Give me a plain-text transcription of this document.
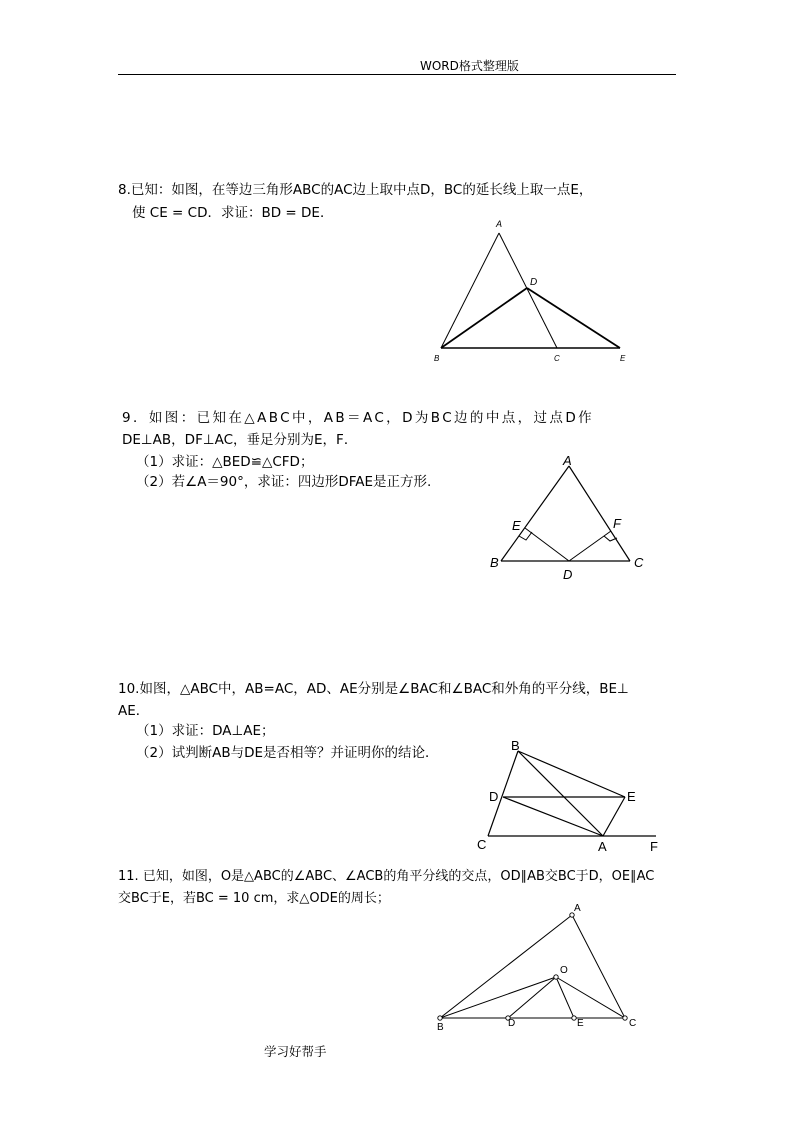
WORD格式整理版
8.已知：如图，在等边三角形ABC的AC边上取中点D，BC的延长线上取一点E，
使 CE = CD．求证：BD = DE．
A
D
B	C	E
9．如图：已知在△ABC中，AB＝AC，D为BC边的中点，过点D作
DE⊥AB，DF⊥AC，垂足分别为E，F．
（1）求证：△BED≌△CFD；
（2）若∠A＝90°，求证：四边形DFAE是正方形.
A
E	F
B
D
C
10.如图，△ABC中，AB=AC，AD、AE分别是∠BAC和∠BAC和外角的平分线，BE⊥
AE．
（1）求证：DA⊥AE；
（2）试判断AB与DE是否相等？并证明你的结论．	B
D	E
C	A	F
11. 已知，如图，O是△ABC的∠ABC、∠ACB的角平分线的交点，OD∥AB交BC于D，OE∥AC
交BC于E，若BC = 10 cm，求△ODE的周长；
A
O
B	D	E	C
学习好帮手
